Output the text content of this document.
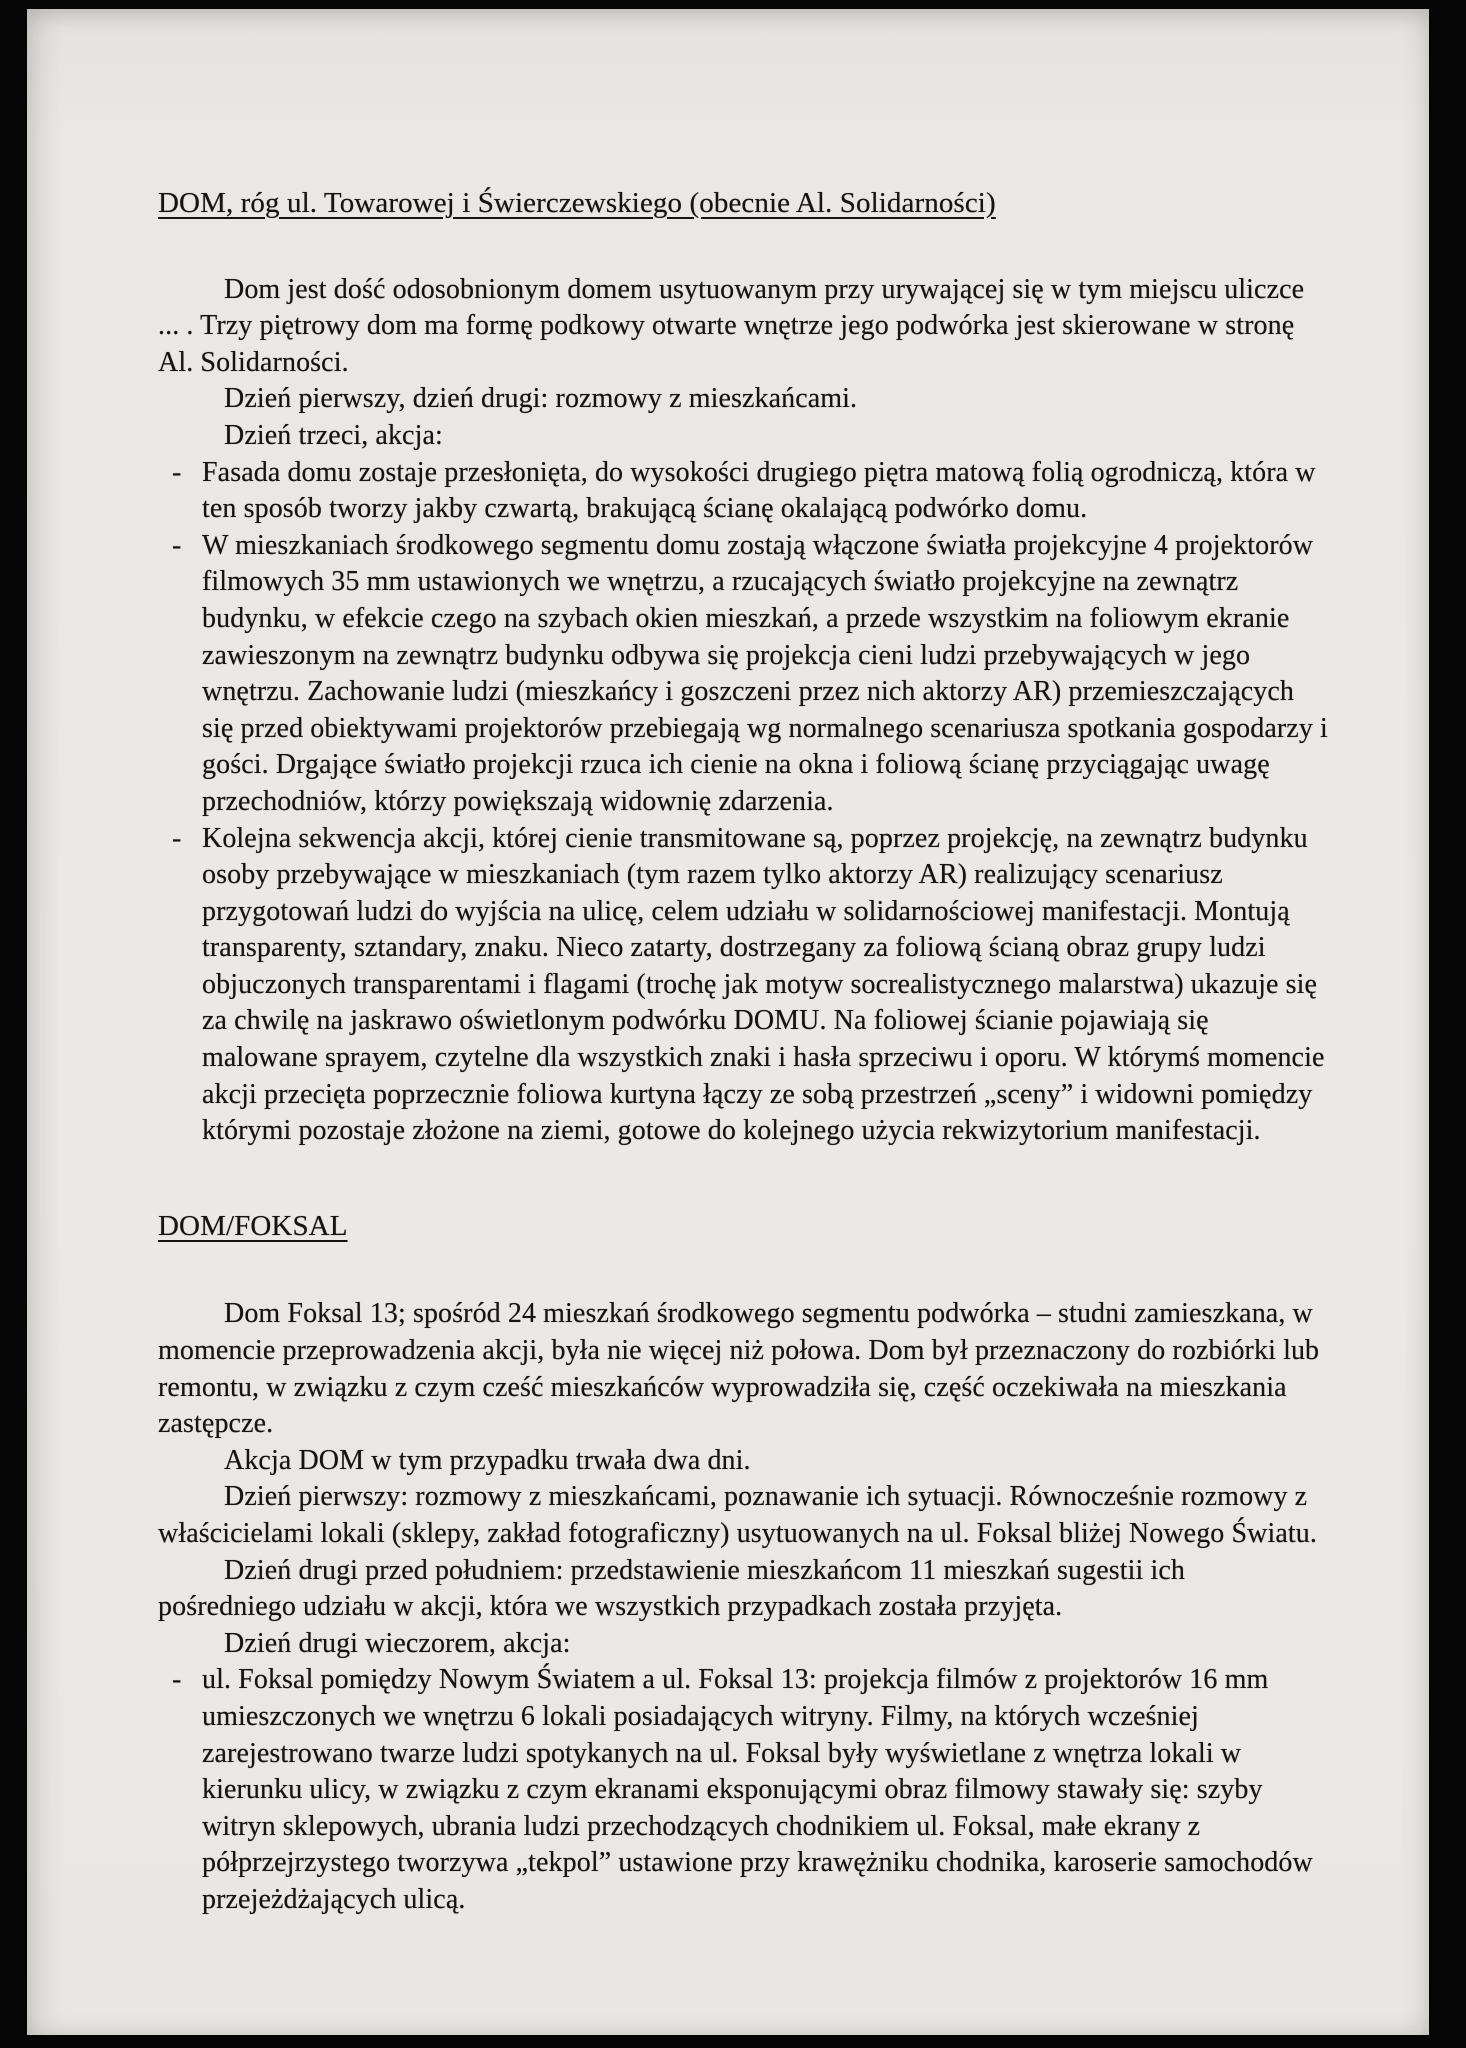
DOM, róg ul. Towarowej i Świerczewskiego (obecnie Al. Solidarności)

Dom jest dość odosobnionym domem usytuowanym przy urywającej się w tym miejscu uliczce ... . Trzy piętrowy dom ma formę podkowy otwarte wnętrze jego podwórka jest skierowane w stronę Al. Solidarności.

Dzień pierwszy, dzień drugi: rozmowy z mieszkańcami.

Dzień trzeci, akcja:

- Fasada domu zostaje przesłonięta, do wysokości drugiego piętra matową folią ogrodniczą, która w ten sposób tworzy jakby czwartą, brakującą ścianę okalającą podwórko domu.
- W mieszkaniach środkowego segmentu domu zostają włączone światła projekcyjne 4 projektorów filmowych 35 mm ustawionych we wnętrzu, a rzucających światło projekcyjne na zewnątrz budynku, w efekcie czego na szybach okien mieszkań, a przede wszystkim na foliowym ekranie zawieszonym na zewnątrz budynku odbywa się projekcja cieni ludzi przebywających w jego wnętrzu. Zachowanie ludzi (mieszkańcy i goszczeni przez nich aktorzy AR) przemieszczających się przed obiektywami projektorów przebiegają wg normalnego scenariusza spotkania gospodarzy i gości. Drgające światło projekcji rzuca ich cienie na okna i foliową ścianę przyciągając uwagę przechodniów, którzy powiększają widownię zdarzenia.
- Kolejna sekwencja akcji, której cienie transmitowane są, poprzez projekcję, na zewnątrz budynku osoby przebywające w mieszkaniach (tym razem tylko aktorzy AR) realizujący scenariusz przygotowań ludzi do wyjścia na ulicę, celem udziału w solidarnościowej manifestacji. Montują transparenty, sztandary, znaku. Nieco zatarty, dostrzegany za foliową ścianą obraz grupy ludzi objuczonych transparentami i flagami (trochę jak motyw socrealistycznego malarstwa) ukazuje się za chwilę na jaskrawo oświetlonym podwórku DOMU. Na foliowej ścianie pojawiają się malowane sprayem, czytelne dla wszystkich znaki i hasła sprzeciwu i oporu. W którymś momencie akcji przecięta poprzecznie foliowa kurtyna łączy ze sobą przestrzeń „sceny” i widowni pomiędzy którymi pozostaje złożone na ziemi, gotowe do kolejnego użycia rekwizytorium manifestacji.
DOM/FOKSAL

Dom Foksal 13; spośród 24 mieszkań środkowego segmentu podwórka – studni zamieszkana, w momencie przeprowadzenia akcji, była nie więcej niż połowa. Dom był przeznaczony do rozbiórki lub remontu, w związku z czym cześć mieszkańców wyprowadziła się, część oczekiwała na mieszkania zastępcze.

Akcja DOM w tym przypadku trwała dwa dni.

Dzień pierwszy: rozmowy z mieszkańcami, poznawanie ich sytuacji. Równocześnie rozmowy z właścicielami lokali (sklepy, zakład fotograficzny) usytuowanych na ul. Foksal bliżej Nowego Światu.

Dzień drugi przed południem: przedstawienie mieszkańcom 11 mieszkań sugestii ich pośredniego udziału w akcji, która we wszystkich przypadkach została przyjęta.

Dzień drugi wieczorem, akcja:

- ul. Foksal pomiędzy Nowym Światem a ul. Foksal 13: projekcja filmów z projektorów 16 mm umieszczonych we wnętrzu 6 lokali posiadających witryny. Filmy, na których wcześniej zarejestrowano twarze ludzi spotykanych na ul. Foksal były wyświetlane z wnętrza lokali w kierunku ulicy, w związku z czym ekranami eksponującymi obraz filmowy stawały się: szyby witryn sklepowych, ubrania ludzi przechodzących chodnikiem ul. Foksal, małe ekrany z półprzejrzystego tworzywa „tekpol” ustawione przy krawężniku chodnika, karoserie samochodów przejeżdżających ulicą.
